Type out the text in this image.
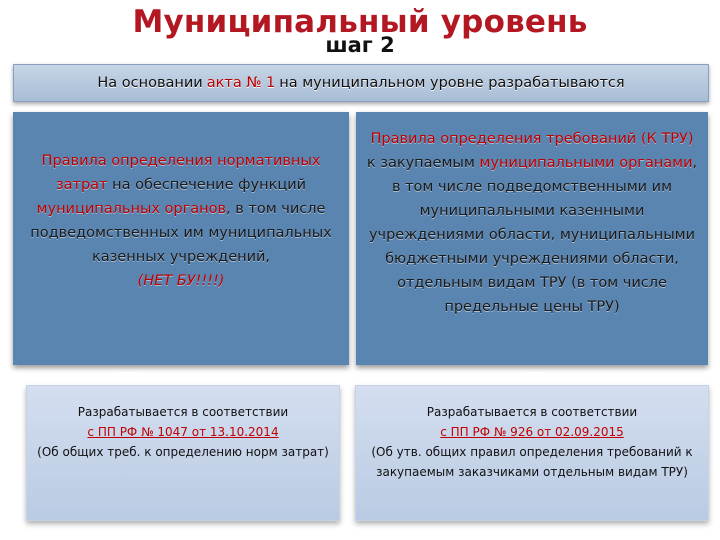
Муниципальный уровень
шаг 2
На основании акта № 1 на муниципальном уровне разрабатываются
Правила определения нормативных затрат на обеспечение функций муниципальных органов, в том числе подведомственных им муниципальных казенных учреждений,
(НЕТ БУ!!!!)
Правила определения требований (К ТРУ) к закупаемым муниципальными органами, в том числе подведомственными им муниципальными казенными учреждениями области, муниципальными бюджетными учреждениями области, отдельным видам ТРУ (в том числе предельные цены ТРУ)
Разрабатывается в соответствии
с ПП РФ № 1047 от 13.10.2014
(Об общих треб. к определению норм затрат)
Разрабатывается в соответствии
с ПП РФ № 926 от 02.09.2015
(Об утв. общих правил определения требований к закупаемым заказчиками отдельным видам ТРУ)
